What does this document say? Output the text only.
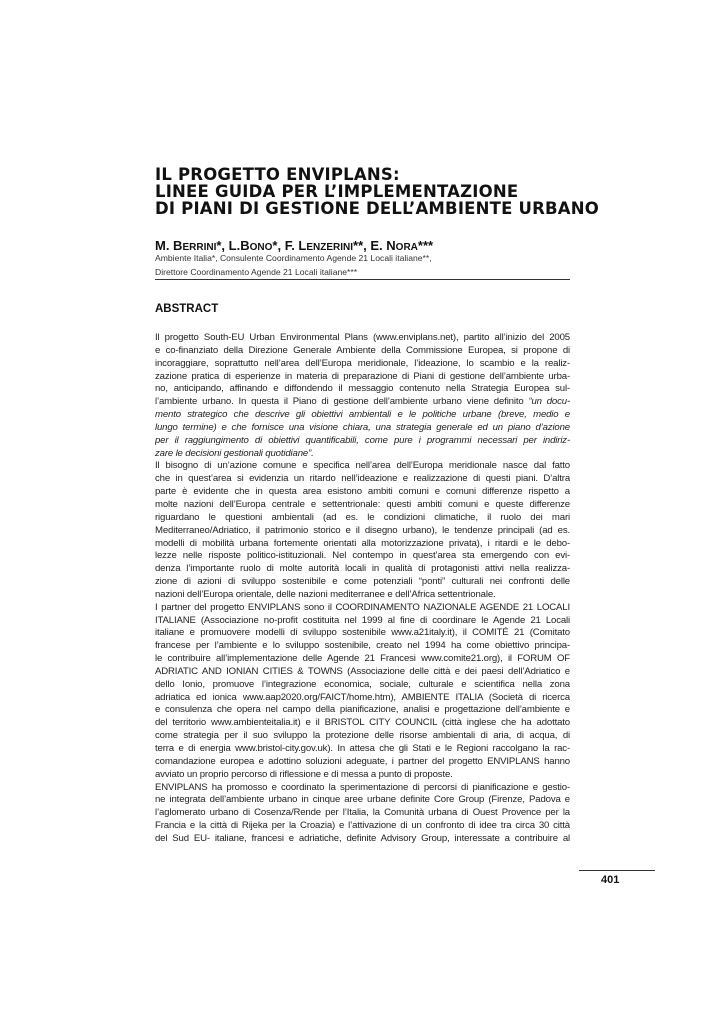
IL PROGETTO ENVIPLANS:
LINEE GUIDA PER L’IMPLEMENTAZIONE
DI PIANI DI GESTIONE DELL’AMBIENTE URBANO
M. BERRINI*, L.BONO*, F. LENZERINI**, E. NORA***
Ambiente Italia*, Consulente Coordinamento Agende 21 Locali italiane**,
Direttore Coordinamento Agende 21 Locali italiane***
ABSTRACT
Il progetto South-EU Urban Environmental Plans (www.enviplans.net), partito all’inizio del 2005
e co-finanziato della Direzione Generale Ambiente della Commissione Europea, si propone di
incoraggiare, soprattutto nell’area dell’Europa meridionale, l’ideazione, lo scambio e la realiz-
zazione pratica di esperienze in materia di preparazione di Piani di gestione dell’ambiente urba-
no, anticipando, affinando e diffondendo il messaggio contenuto nella Strategia Europea sul-
l’ambiente urbano. In questa il Piano di gestione dell’ambiente urbano viene definito “un docu-
mento strategico che descrive gli obiettivi ambientali e le politiche urbane (breve, medio e
lungo termine) e che fornisce una visione chiara, una strategia generale ed un piano d’azione
per il raggiungimento di obiettivi quantificabili, come pure i programmi necessari per indiriz-
zare le decisioni gestionali quotidiane”.
Il bisogno di un’azione comune e specifica nell’area dell’Europa meridionale nasce dal fatto
che in quest’area si evidenzia un ritardo nell’ideazione e realizzazione di questi piani. D’altra
parte è evidente che in questa area esistono ambiti comuni e comuni differenze rispetto a
molte nazioni dell’Europa centrale e settentrionale: questi ambiti comuni e queste differenze
riguardano le questioni ambientali (ad es. le condizioni climatiche, il ruolo dei mari
Mediterraneo/Adriatico, il patrimonio storico e il disegno urbano), le tendenze principali (ad es.
modelli di mobilità urbana fortemente orientati alla motorizzazione privata), i ritardi e le debo-
lezze nelle risposte politico-istituzionali. Nel contempo in quest’area sta emergendo con evi-
denza l’importante ruolo di molte autorità locali in qualità di protagonisti attivi nella realizza-
zione di azioni di sviluppo sostenibile e come potenziali “ponti” culturali nei confronti delle
nazioni dell’Europa orientale, delle nazioni mediterranee e dell’Africa settentrionale.
I partner del progetto ENVIPLANS sono il COORDINAMENTO NAZIONALE AGENDE 21 LOCALI
ITALIANE (Associazione no-profit costituita nel 1999 al fine di coordinare le Agende 21 Locali
italiane e promuovere modelli di sviluppo sostenibile www.a21italy.it), il COMITÉ 21 (Comitato
francese per l’ambiente e lo sviluppo sostenibile, creato nel 1994 ha come obiettivo principa-
le contribuire all’implementazione delle Agende 21 Francesi www.comite21.org), il FORUM OF
ADRIATIC AND IONIAN CITIES & TOWNS (Associazione delle città e dei paesi dell’Adriatico e
dello Ionio, promuove l’integrazione economica, sociale, culturale e scientifica nella zona
adriatica ed ionica www.aap2020.org/FAICT/home.htm), AMBIENTE ITALIA (Società di ricerca
e consulenza che opera nel campo della pianificazione, analisi e progettazione dell’ambiente e
del territorio www.ambienteitalia.it) e il BRISTOL CITY COUNCIL (città inglese che ha adottato
come strategia per il suo sviluppo la protezione delle risorse ambientali di aria, di acqua, di
terra e di energia www.bristol-city.gov.uk). In attesa che gli Stati e le Regioni raccolgano la rac-
comandazione europea e adottino soluzioni adeguate, i partner del progetto ENVIPLANS hanno
avviato un proprio percorso di riflessione e di messa a punto di proposte.
ENVIPLANS ha promosso e coordinato la sperimentazione di percorsi di pianificazione e gestio-
ne integrata dell’ambiente urbano in cinque aree urbane definite Core Group (Firenze, Padova e
l’aglomerato urbano di Cosenza/Rende per l’Italia, la Comunità urbana di Ouest Provence per la
Francia e la città di Rijeka per la Croazia) e l’attivazione di un confronto di idee tra circa 30 città
del Sud EU- italiane, francesi e adriatiche, definite Advisory Group, interessate a contribuire al
401
